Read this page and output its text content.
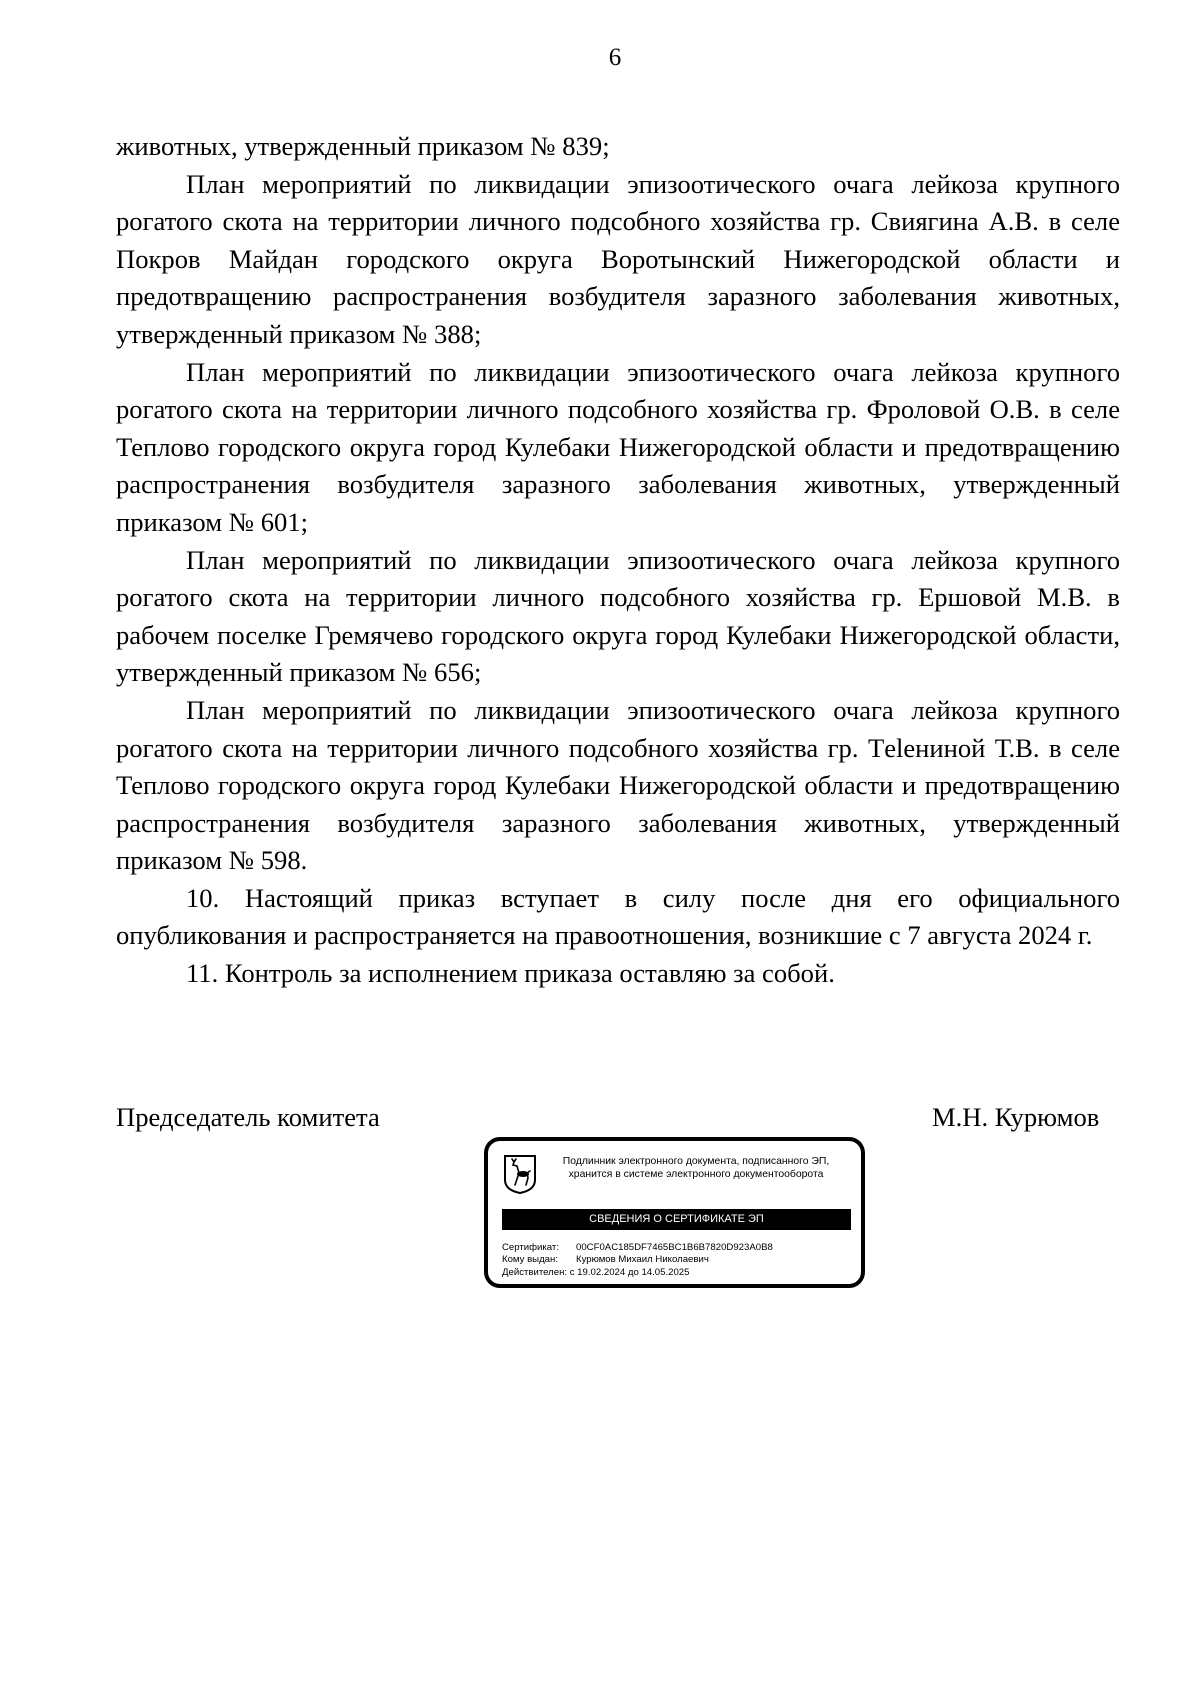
6

животных, утвержденный приказом № 839;

План мероприятий по ликвидации эпизоотического очага лейкоза крупного рогатого скота на территории личного подсобного хозяйства гр. Свиягина А.В. в селе Покров Майдан городского округа Воротынский Нижегородской области и предотвращению распространения возбудителя заразного заболевания животных, утвержденный приказом № 388;

План мероприятий по ликвидации эпизоотического очага лейкоза крупного рогатого скота на территории личного подсобного хозяйства гр. Фроловой О.В. в селе Теплово городского округа город Кулебаки Нижегородской области и предотвращению распространения возбудителя заразного заболевания животных, утвержденный приказом № 601;

План мероприятий по ликвидации эпизоотического очага лейкоза крупного рогатого скота на территории личного подсобного хозяйства гр. Ершовой М.В. в рабочем поселке Гремячево городского округа город Кулебаки Нижегородской области, утвержденный приказом № 656;

План мероприятий по ликвидации эпизоотического очага лейкоза крупного рогатого скота на территории личного подсобного хозяйства гр. Тelениной Т.В. в селе Теплово городского округа город Кулебаки Нижегородской области и предотвращению распространения возбудителя заразного заболевания животных, утвержденный приказом № 598.

10. Настоящий приказ вступает в силу после дня его официального опубликования и распространяется на правоотношения, возникшие с 7 августа 2024 г.

11. Контроль за исполнением приказа оставляю за собой.

Председатель комитета	М.Н. Курюмов
Подлинник электронного документа, подписанного ЭП,
хранится в системе электронного документооборота
СВЕДЕНИЯ О СЕРТИФИКАТЕ ЭП
Сертификат: 00CF0AC185DF7465BC1B6B7820D923A0B8
Кому выдан: Курюмов Михаил Николаевич
Действителен: с 19.02.2024 до 14.05.2025
